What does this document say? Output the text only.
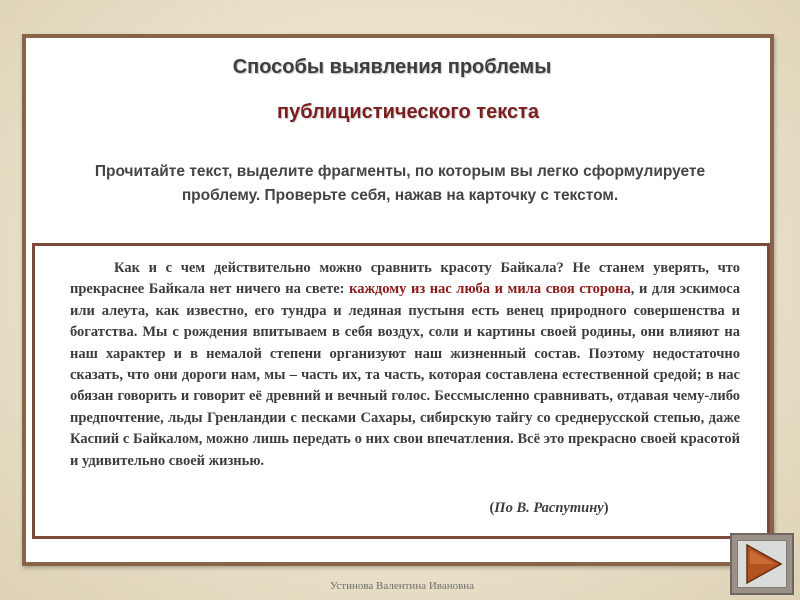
Способы выявления проблемы
публицистического текста
Прочитайте текст, выделите фрагменты, по которым вы легко сформулируете
проблему. Проверьте себя, нажав на карточку с текстом.
Как и с чем действительно можно сравнить красоту Байкала? Не станем уверять, что прекраснее Байкала нет ничего на свете: каждому из нас люба и мила своя сторона, и для эскимоса или алеута, как известно, его тундра и ледяная пустыня есть венец природного совершенства и богатства. Мы с рождения впитываем в себя воздух, соли и картины своей родины, они влияют на наш характер и в немалой степени организуют наш жизненный состав. Поэтому недостаточно сказать, что они дороги нам, мы – часть их, та часть, которая составлена естественной средой; в нас обязан говорить и говорит её древний и вечный голос. Бессмысленно сравнивать, отдавая чему-либо предпочтение, льды Гренландии с песками Сахары, сибирскую тайгу со среднерусской степью, даже Каспий с Байкалом, можно лишь передать о них свои впечатления. Всё это прекрасно своей красотой и удивительно своей жизнью.
(По В. Распутину)
Устинова Валентина Ивановна
